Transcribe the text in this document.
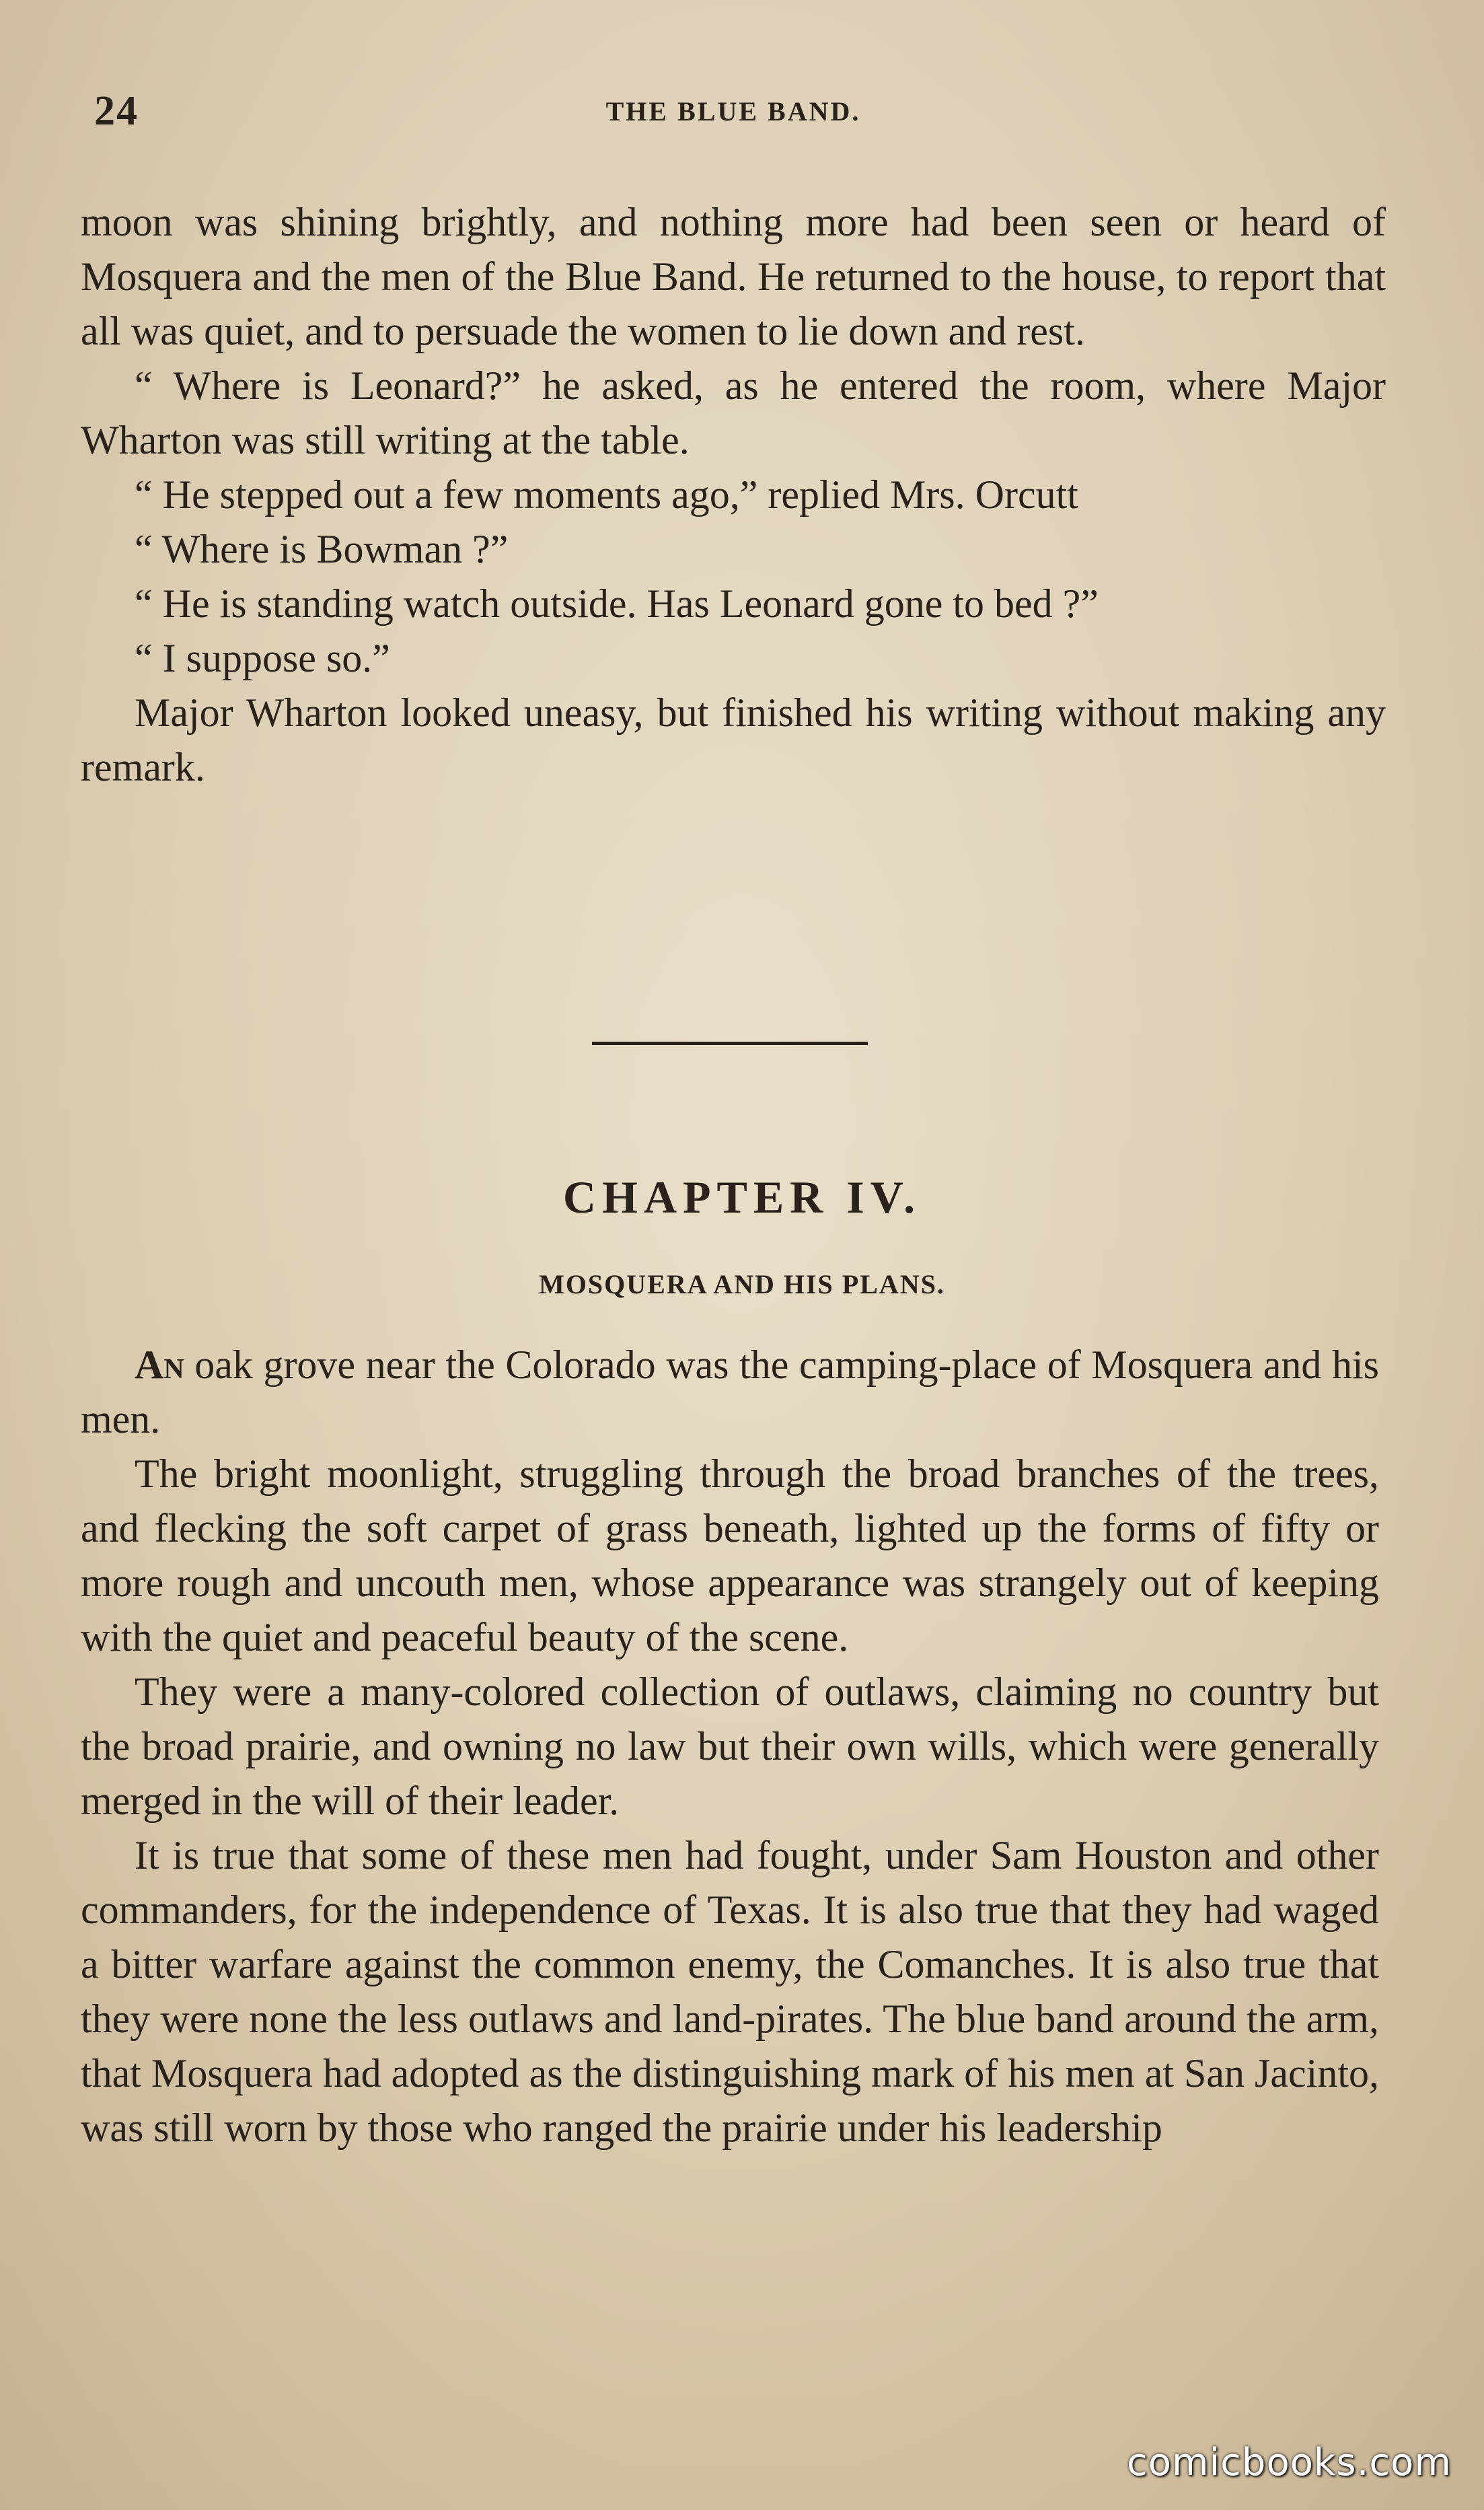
24	THE BLUE BAND.

moon was shining brightly, and nothing more had been seen or heard of Mosquera and the men of the Blue Band. He returned to the house, to report that all was quiet, and to persuade the women to lie down and rest.

“ Where is Leonard?” he asked, as he entered the room, where Major Wharton was still writing at the table.

“ He stepped out a few moments ago,” replied Mrs. Orcutt

“ Where is Bowman ?”

“ He is standing watch outside. Has Leonard gone to bed ?”

“ I suppose so.”

Major Wharton looked uneasy, but finished his writing without making any remark.

CHAPTER IV.
MOSQUERA AND HIS PLANS.

An oak grove near the Colorado was the camping-place of Mosquera and his men.

The bright moonlight, struggling through the broad branches of the trees, and flecking the soft carpet of grass beneath, lighted up the forms of fifty or more rough and uncouth men, whose appearance was strangely out of keeping with the quiet and peaceful beauty of the scene.

They were a many-colored collection of outlaws, claiming no country but the broad prairie, and owning no law but their own wills, which were generally merged in the will of their leader.

It is true that some of these men had fought, under Sam Houston and other commanders, for the independence of Texas. It is also true that they had waged a bitter warfare against the common enemy, the Comanches. It is also true that they were none the less outlaws and land-pirates. The blue band around the arm, that Mosquera had adopted as the distinguishing mark of his men at San Jacinto, was still worn by those who ranged the prairie under his leadership

comicbooks.com
